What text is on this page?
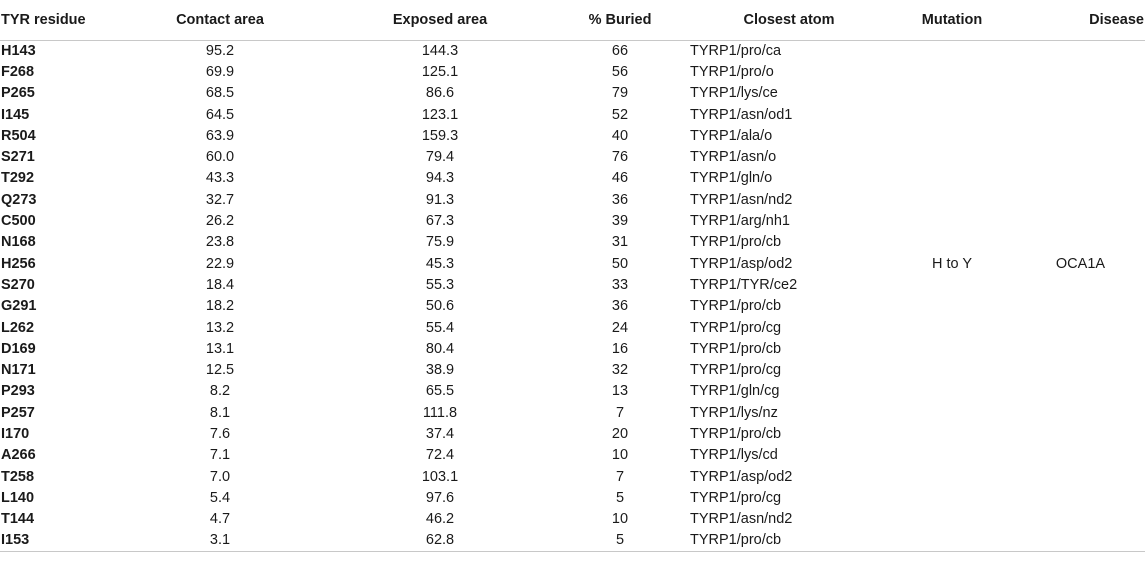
TYR residue	Contact area	Exposed area	% Buried	Closest atom	Mutation	Disease
H143	95.2	144.3	66	TYRP1/pro/ca		
F268	69.9	125.1	56	TYRP1/pro/o		
P265	68.5	86.6	79	TYRP1/lys/ce		
I145	64.5	123.1	52	TYRP1/asn/od1		
R504	63.9	159.3	40	TYRP1/ala/o		
S271	60.0	79.4	76	TYRP1/asn/o		
T292	43.3	94.3	46	TYRP1/gln/o		
Q273	32.7	91.3	36	TYRP1/asn/nd2		
C500	26.2	67.3	39	TYRP1/arg/nh1		
N168	23.8	75.9	31	TYRP1/pro/cb		
H256	22.9	45.3	50	TYRP1/asp/od2	H to Y	OCA1A
S270	18.4	55.3	33	TYRP1/TYR/ce2		
G291	18.2	50.6	36	TYRP1/pro/cb		
L262	13.2	55.4	24	TYRP1/pro/cg		
D169	13.1	80.4	16	TYRP1/pro/cb		
N171	12.5	38.9	32	TYRP1/pro/cg		
P293	8.2	65.5	13	TYRP1/gln/cg		
P257	8.1	111.8	7	TYRP1/lys/nz		
I170	7.6	37.4	20	TYRP1/pro/cb		
A266	7.1	72.4	10	TYRP1/lys/cd		
T258	7.0	103.1	7	TYRP1/asp/od2		
L140	5.4	97.6	5	TYRP1/pro/cg		
T144	4.7	46.2	10	TYRP1/asn/nd2		
I153	3.1	62.8	5	TYRP1/pro/cb		
